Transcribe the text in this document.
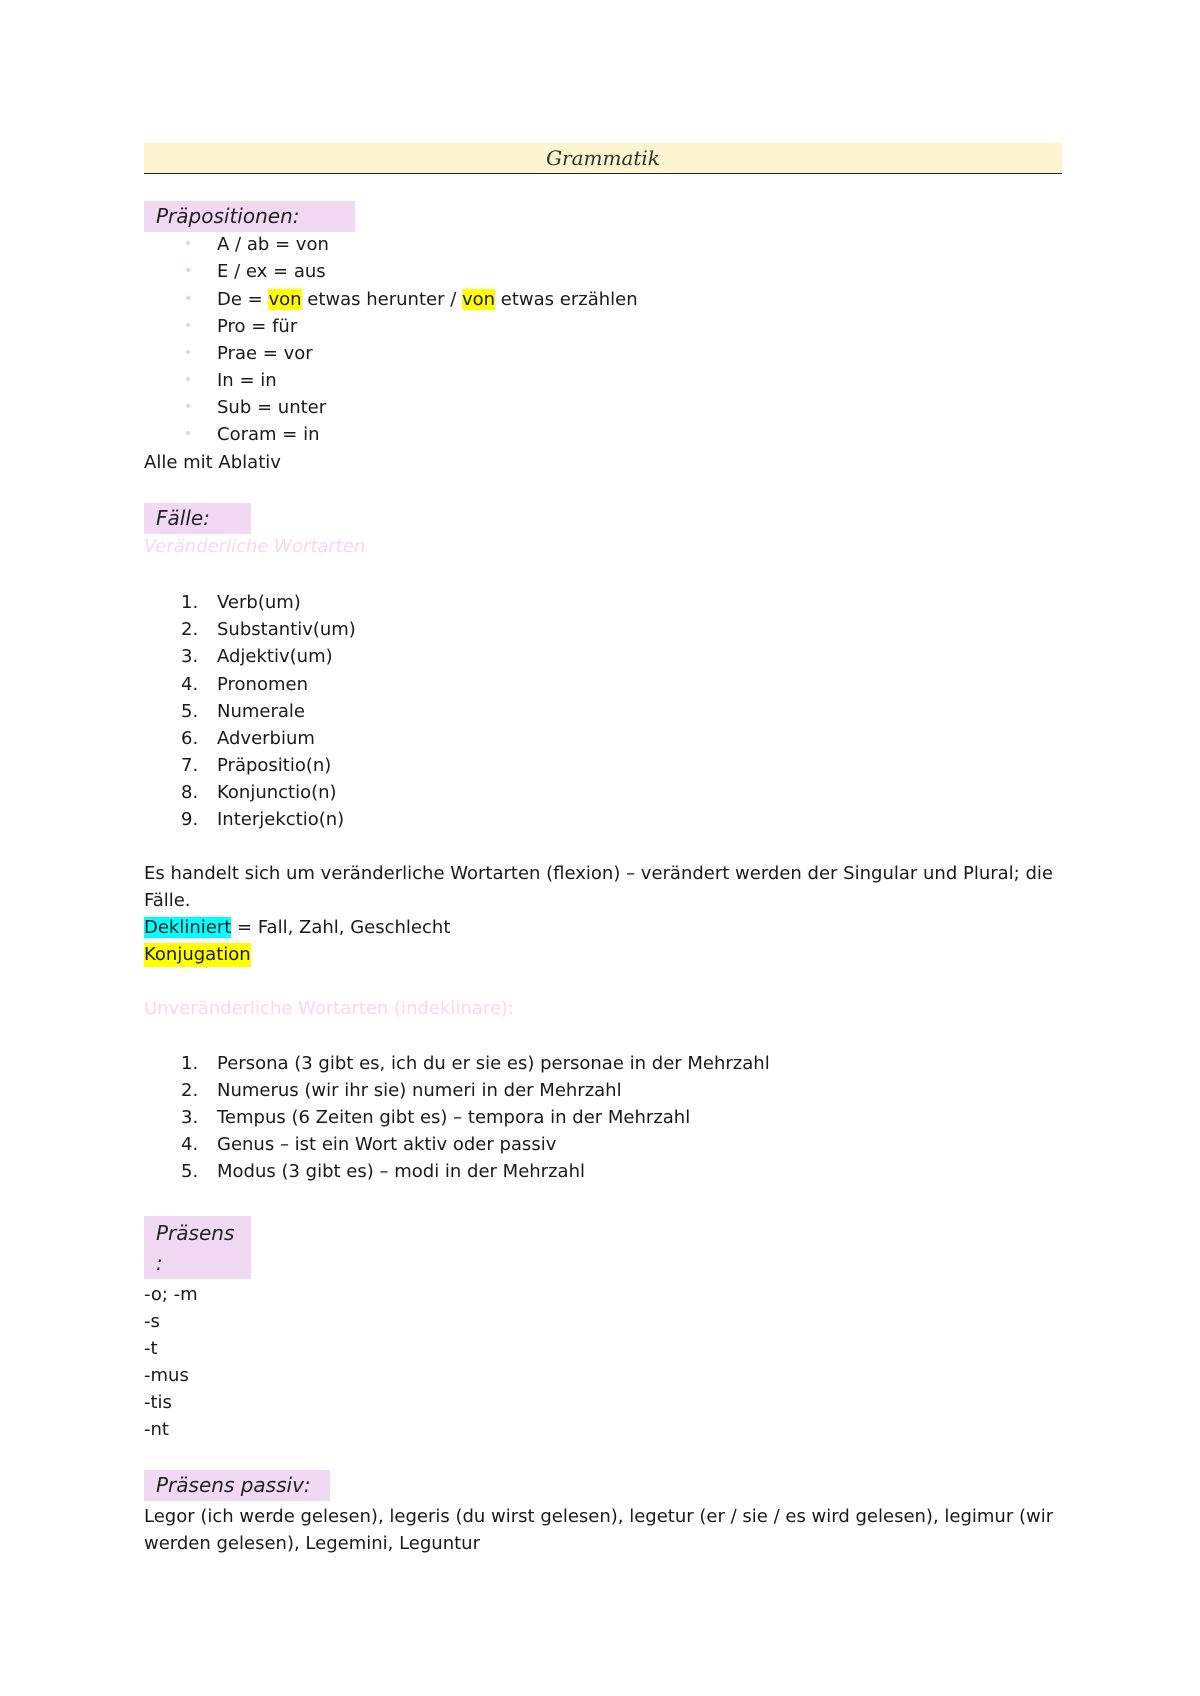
Grammatik
Präpositionen:
• A / ab = von
• E / ex = aus
• De = von etwas herunter / von etwas erzählen
• Pro = für
• Prae = vor
• In = in
• Sub = unter
• Coram = in
Alle mit Ablativ
Fälle:
Veränderliche Wortarten
1. Verb(um)
2. Substantiv(um)
3. Adjektiv(um)
4. Pronomen
5. Numerale
6. Adverbium
7. Präpositio(n)
8. Konjunctio(n)
9. Interjekctio(n)
Es handelt sich um veränderliche Wortarten (flexion) – verändert werden der Singular und Plural; die
Fälle.
Dekliniert = Fall, Zahl, Geschlecht
Konjugation
Unveränderliche Wortarten (indeklinare):
1. Persona (3 gibt es, ich du er sie es) personae in der Mehrzahl
2. Numerus (wir ihr sie) numeri in der Mehrzahl
3. Tempus (6 Zeiten gibt es) – tempora in der Mehrzahl
4. Genus – ist ein Wort aktiv oder passiv
5. Modus (3 gibt es) – modi in der Mehrzahl
Präsens
:
-o; -m
-s
-t
-mus
-tis
-nt
Präsens passiv:
Legor (ich werde gelesen), legeris (du wirst gelesen), legetur (er / sie / es wird gelesen), legimur (wir
werden gelesen), Legemini, Leguntur
